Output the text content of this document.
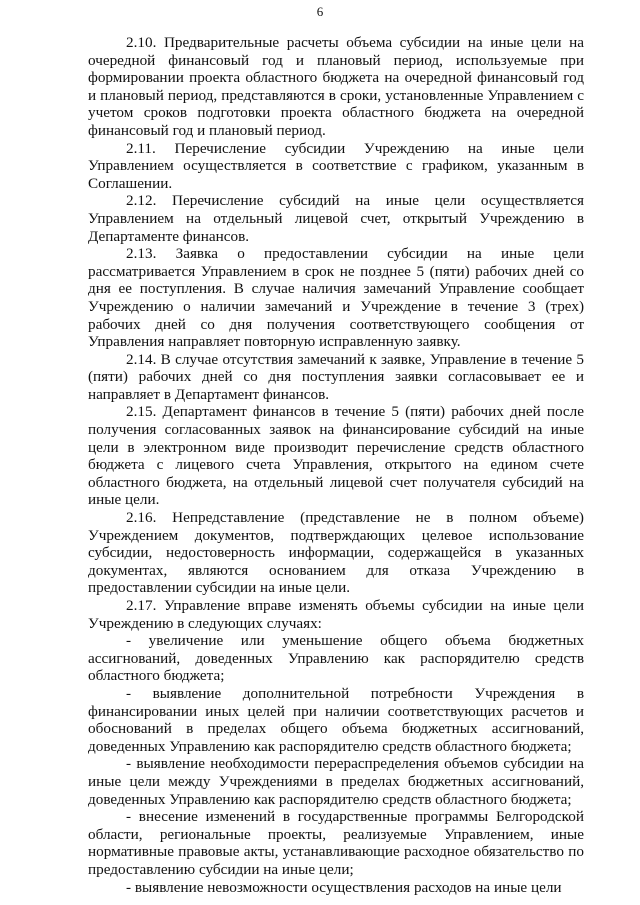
6

2.10. Предварительные расчеты объема субсидии на иные цели на очередной финансовый год и плановый период, используемые при формировании проекта областного бюджета на очередной финансовый год и плановый период, представляются в сроки, установленные Управлением с учетом сроков подготовки проекта областного бюджета на очередной финансовый год и плановый период.

2.11. Перечисление субсидии Учреждению на иные цели Управлением осуществляется в соответствие с графиком, указанным в Соглашении.

2.12. Перечисление субсидий на иные цели осуществляется Управлением на отдельный лицевой счет, открытый Учреждению в Департаменте финансов.

2.13. Заявка о предоставлении субсидии на иные цели рассматривается Управлением в срок не позднее 5 (пяти) рабочих дней со дня ее поступления. В случае наличия замечаний Управление сообщает Учреждению о наличии замечаний и Учреждение в течение 3 (трех) рабочих дней со дня получения соответствующего сообщения от Управления направляет повторную исправленную заявку.

2.14. В случае отсутствия замечаний к заявке, Управление в течение 5 (пяти) рабочих дней со дня поступления заявки согласовывает ее и направляет в Департамент финансов.

2.15. Департамент финансов в течение 5 (пяти) рабочих дней после получения согласованных заявок на финансирование субсидий на иные цели в электронном виде производит перечисление средств областного бюджета с лицевого счета Управления, открытого на едином счете областного бюджета, на отдельный лицевой счет получателя субсидий на иные цели.

2.16. Непредставление (представление не в полном объеме) Учреждением документов, подтверждающих целевое использование субсидии, недостоверность информации, содержащейся в указанных документах, являются основанием для отказа Учреждению в предоставлении субсидии на иные цели.

2.17. Управление вправе изменять объемы субсидии на иные цели Учреждению в следующих случаях:

- увеличение или уменьшение общего объема бюджетных ассигнований, доведенных Управлению как распорядителю средств областного бюджета;

- выявление дополнительной потребности Учреждения в финансировании иных целей при наличии соответствующих расчетов и обоснований в пределах общего объема бюджетных ассигнований, доведенных Управлению как распорядителю средств областного бюджета;

- выявление необходимости перераспределения объемов субсидии на иные цели между Учреждениями в пределах бюджетных ассигнований, доведенных Управлению как распорядителю средств областного бюджета;

- внесение изменений в государственные программы Белгородской области, региональные проекты, реализуемые Управлением, иные нормативные правовые акты, устанавливающие расходное обязательство по предоставлению субсидии на иные цели;

- выявление невозможности осуществления расходов на иные цели
